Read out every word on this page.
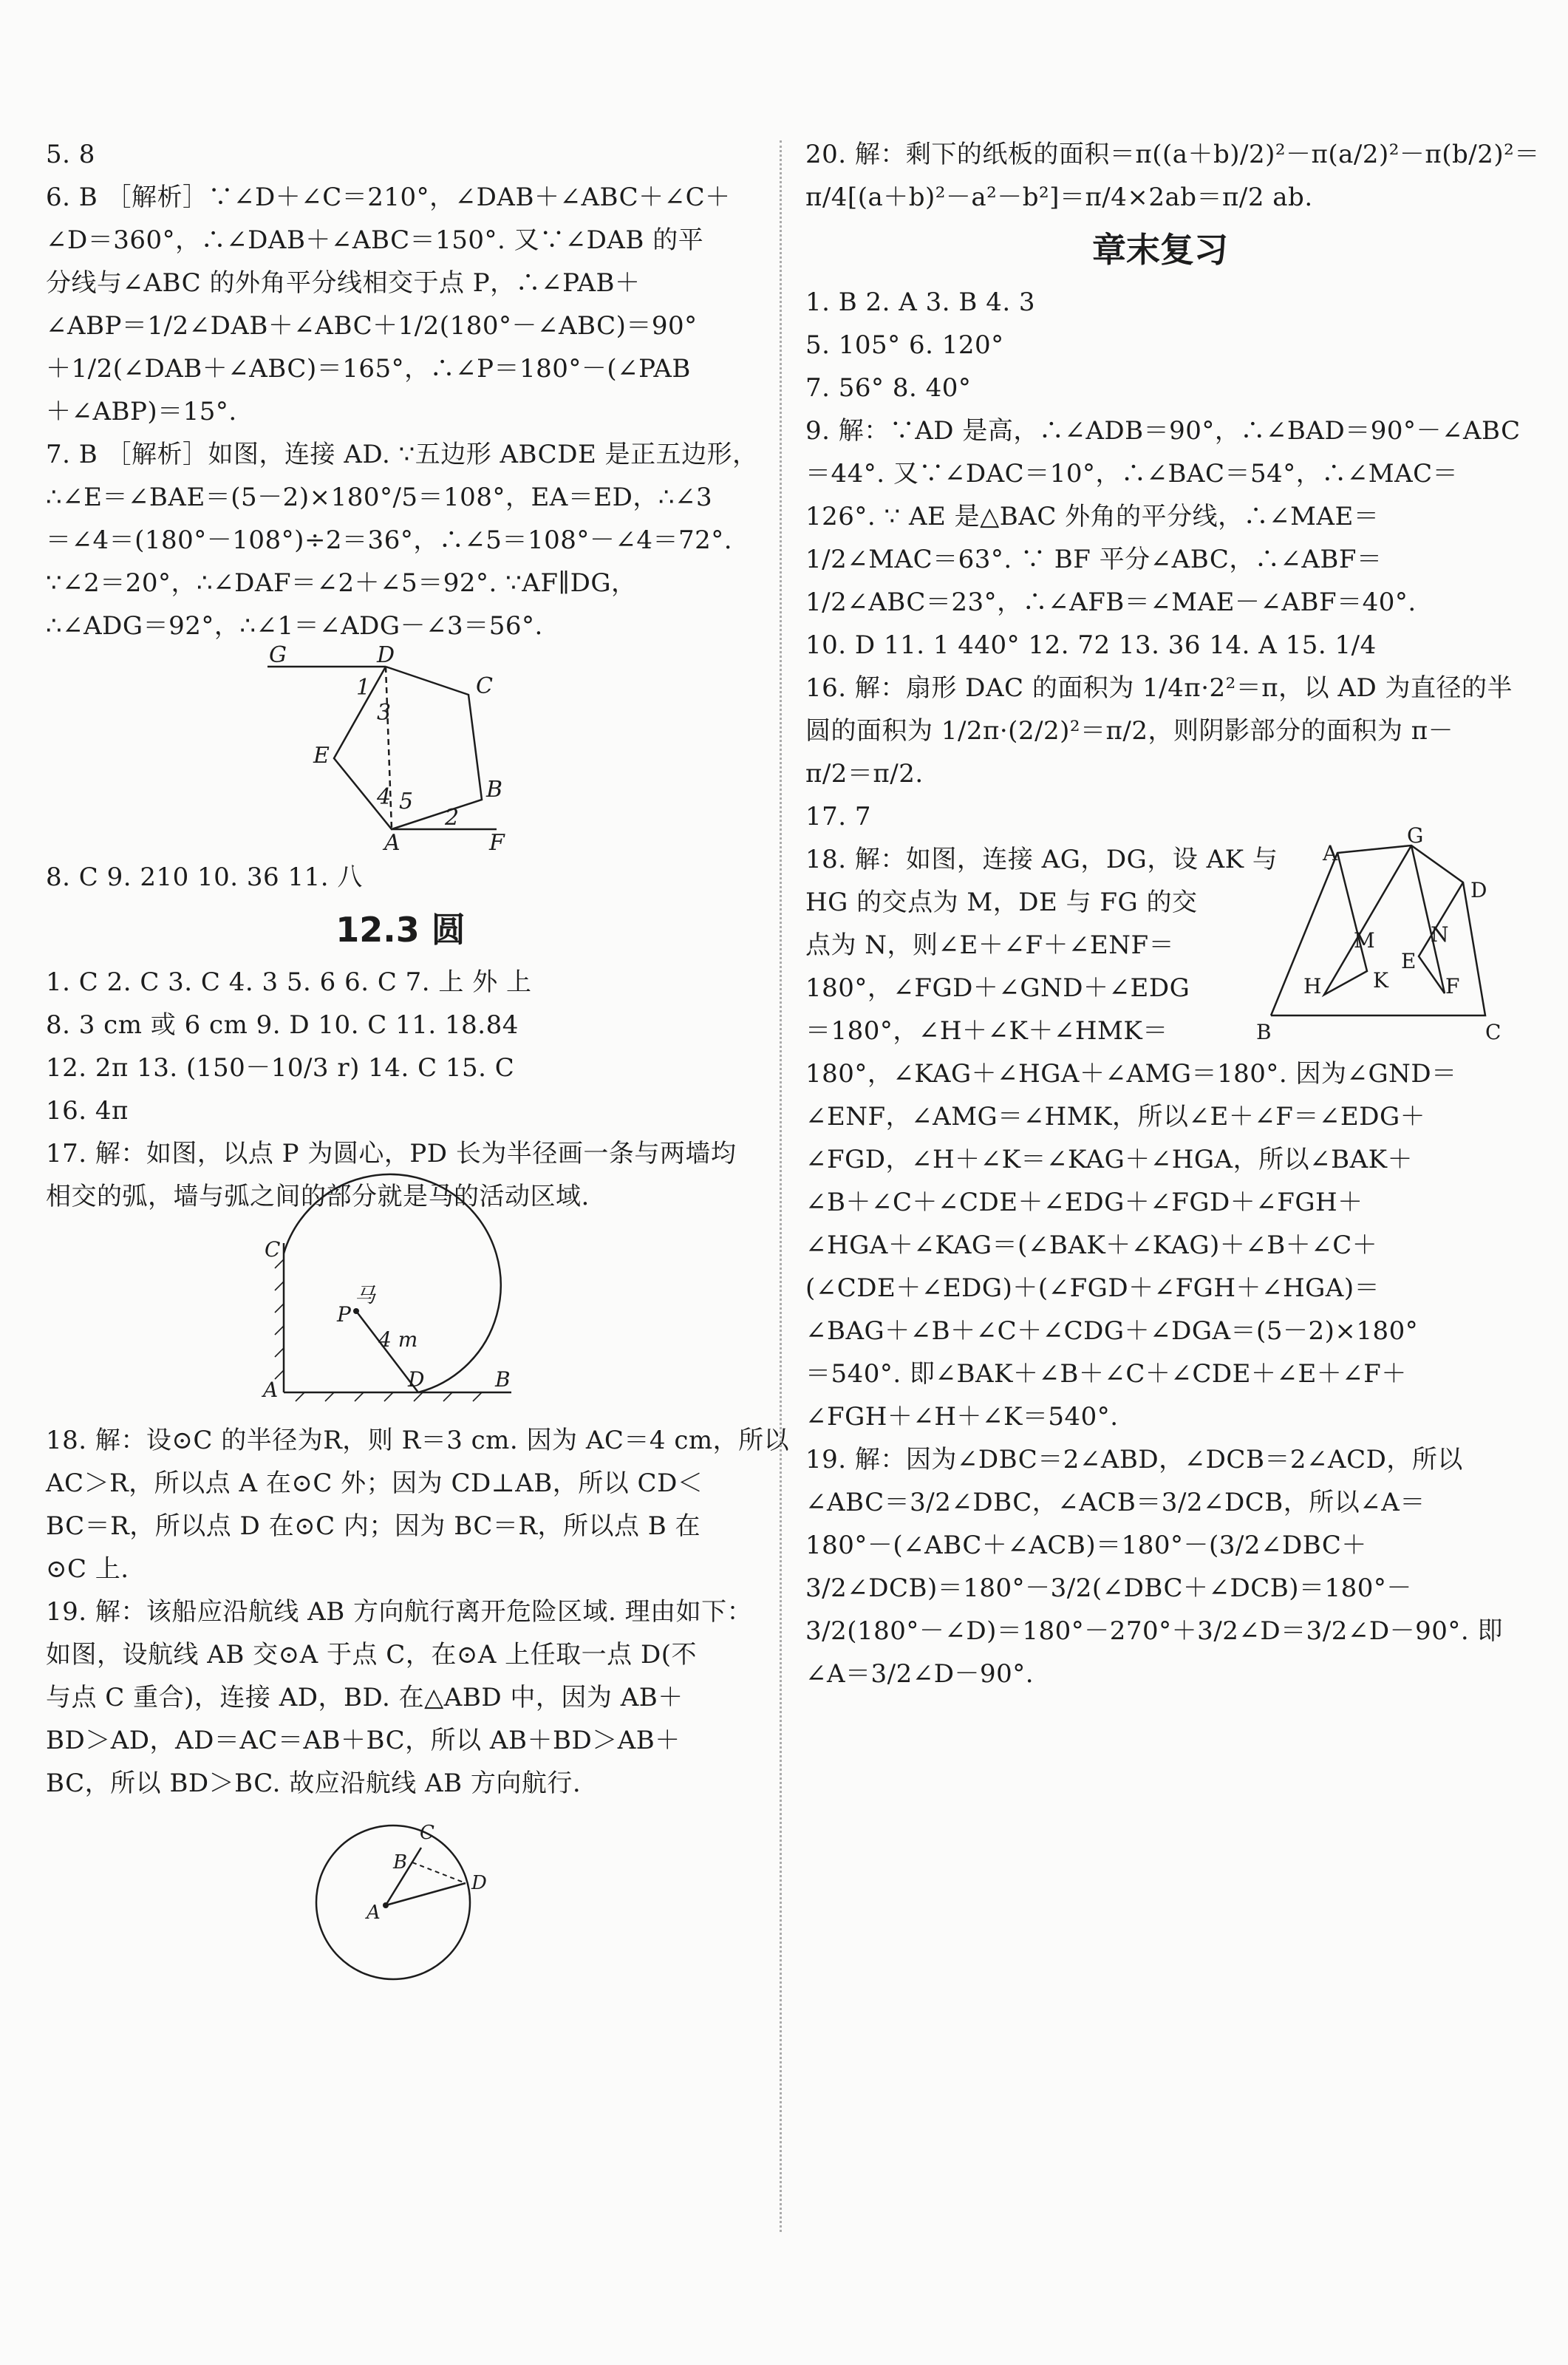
5. 8
6. B ［解析］∵∠D＋∠C＝210°，∠DAB＋∠ABC＋∠C＋
∠D＝360°，∴∠DAB＋∠ABC＝150°. 又∵∠DAB 的平
分线与∠ABC 的外角平分线相交于点 P，∴∠PAB＋
∠ABP＝1/2∠DAB＋∠ABC＋1/2(180°－∠ABC)＝90°
＋1/2(∠DAB＋∠ABC)＝165°，∴∠P＝180°－(∠PAB
＋∠ABP)＝15°.
7. B ［解析］如图，连接 AD. ∵五边形 ABCDE 是正五边形，
∴∠E＝∠BAE＝(5－2)×180°/5＝108°，EA＝ED，∴∠3
＝∠4＝(180°－108°)÷2＝36°，∴∠5＝108°－∠4＝72°.
∵∠2＝20°，∴∠DAF＝∠2＋∠5＝92°. ∵AF∥DG，
∴∠ADG＝92°，∴∠1＝∠ADG－∠3＝56°.
G	D
C
1
3
E
4 5	B
2
A	F
8. C 9. 210 10. 36 11. 八
12.3 圆
1. C 2. C 3. C 4. 3 5. 6 6. C 7. 上 外 上
8. 3 cm 或 6 cm 9. D 10. C 11. 18.84
12. 2π 13. (150－10/3 r) 14. C 15. C
16. 4π
17. 解：如图，以点 P 为圆心，PD 长为半径画一条与两墙均
相交的弧，墙与弧之间的部分就是马的活动区域.
C
马
P
4 m
A	D	B
18. 解：设⊙C 的半径为R，则 R＝3 cm. 因为 AC＝4 cm，所以
AC＞R，所以点 A 在⊙C 外；因为 CD⊥AB，所以 CD＜
BC＝R，所以点 D 在⊙C 内；因为 BC＝R，所以点 B 在
⊙C 上.
19. 解：该船应沿航线 AB 方向航行离开危险区域. 理由如下：
如图，设航线 AB 交⊙A 于点 C，在⊙A 上任取一点 D(不
与点 C 重合)，连接 AD，BD. 在△ABD 中，因为 AB＋
BD＞AD，AD＝AC＝AB＋BC，所以 AB＋BD＞AB＋
BC，所以 BD＞BC. 故应沿航线 AB 方向航行.
C
B
D
A
20. 解：剩下的纸板的面积＝π((a＋b)/2)²－π(a/2)²－π(b/2)²＝
π/4[(a＋b)²－a²－b²]＝π/4×2ab＝π/2 ab.
章末复习
1. B 2. A 3. B 4. 3
5. 105° 6. 120°
7. 56° 8. 40°
9. 解：∵AD 是高，∴∠ADB＝90°，∴∠BAD＝90°－∠ABC
＝44°. 又∵∠DAC＝10°，∴∠BAC＝54°，∴∠MAC＝
126°. ∵ AE 是△BAC 外角的平分线，∴∠MAE＝
1/2∠MAC＝63°. ∵ BF 平分∠ABC，∴∠ABF＝
1/2∠ABC＝23°，∴∠AFB＝∠MAE－∠ABF＝40°.
10. D 11. 1 440° 12. 72 13. 36 14. A 15. 1/4
16. 解：扇形 DAC 的面积为 1/4π·2²＝π，以 AD 为直径的半
圆的面积为 1/2π·(2/2)²＝π/2，则阴影部分的面积为 π－
π/2＝π/2.
17. 7
18. 解：如图，连接 AG，DG，设 AK 与
HG 的交点为 M，DE 与 FG 的交
点为 N，则∠E＋∠F＋∠ENF＝
180°，∠FGD＋∠GND＋∠EDG
＝180°，∠H＋∠K＋∠HMK＝
A
G
D
M	N
H K
E
F
B	C
180°，∠KAG＋∠HGA＋∠AMG＝180°. 因为∠GND＝
∠ENF，∠AMG＝∠HMK，所以∠E＋∠F＝∠EDG＋
∠FGD，∠H＋∠K＝∠KAG＋∠HGA，所以∠BAK＋
∠B＋∠C＋∠CDE＋∠EDG＋∠FGD＋∠FGH＋
∠HGA＋∠KAG＝(∠BAK＋∠KAG)＋∠B＋∠C＋
(∠CDE＋∠EDG)＋(∠FGD＋∠FGH＋∠HGA)＝
∠BAG＋∠B＋∠C＋∠CDG＋∠DGA＝(5－2)×180°
＝540°. 即∠BAK＋∠B＋∠C＋∠CDE＋∠E＋∠F＋
∠FGH＋∠H＋∠K＝540°.
19. 解：因为∠DBC＝2∠ABD，∠DCB＝2∠ACD，所以
∠ABC＝3/2∠DBC，∠ACB＝3/2∠DCB，所以∠A＝
180°－(∠ABC＋∠ACB)＝180°－(3/2∠DBC＋
3/2∠DCB)＝180°－3/2(∠DBC＋∠DCB)＝180°－
3/2(180°－∠D)＝180°－270°＋3/2∠D＝3/2∠D－90°. 即
∠A＝3/2∠D－90°.
